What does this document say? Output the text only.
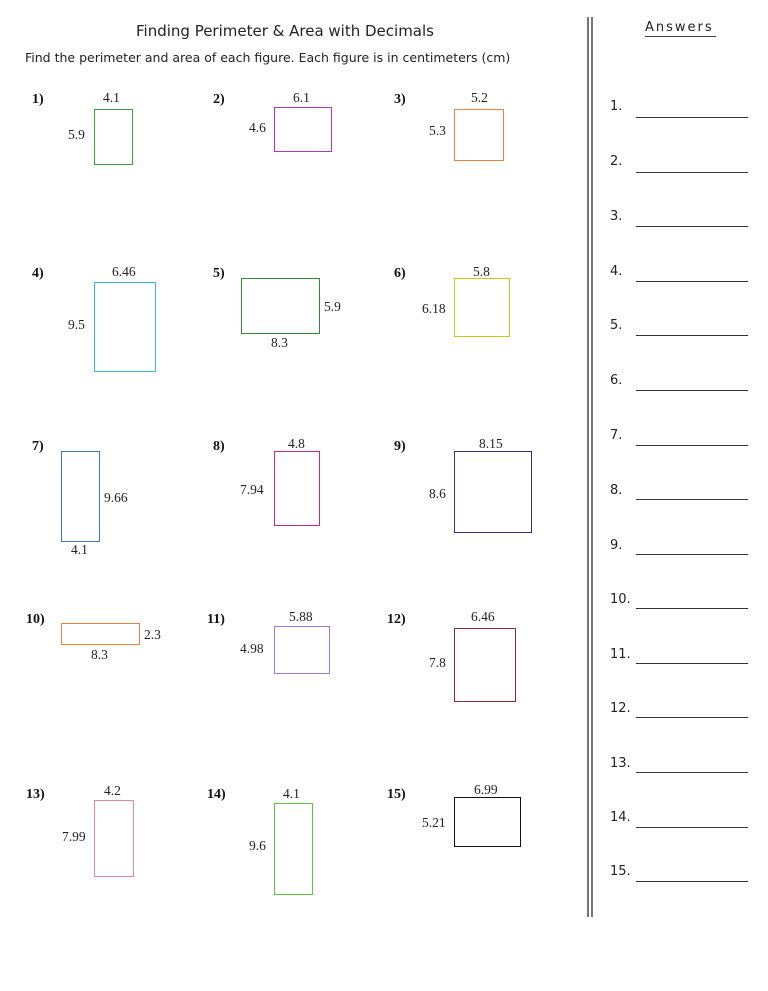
Finding Perimeter & Area with Decimals
Find the perimeter and area of each figure. Each figure is in centimeters (cm)
Answers
1.
2.
3.
4.
5.
6.
7.
8.
9.
10.
11.
12.
13.
14.
15.
1)	4.1
5.9
2)	6.1
4.6
3)	5.2
5.3
4)	6.46
9.5
5)
5.9
8.3
6)	5.8
6.18
7)
9.66
4.1
8)	4.8
7.94
9)	8.15
8.6
10)
2.3
8.3
11)	5.88
4.98
12)	6.46
7.8
13)	4.2
7.99
14)	4.1
9.6
15)	6.99
5.21
